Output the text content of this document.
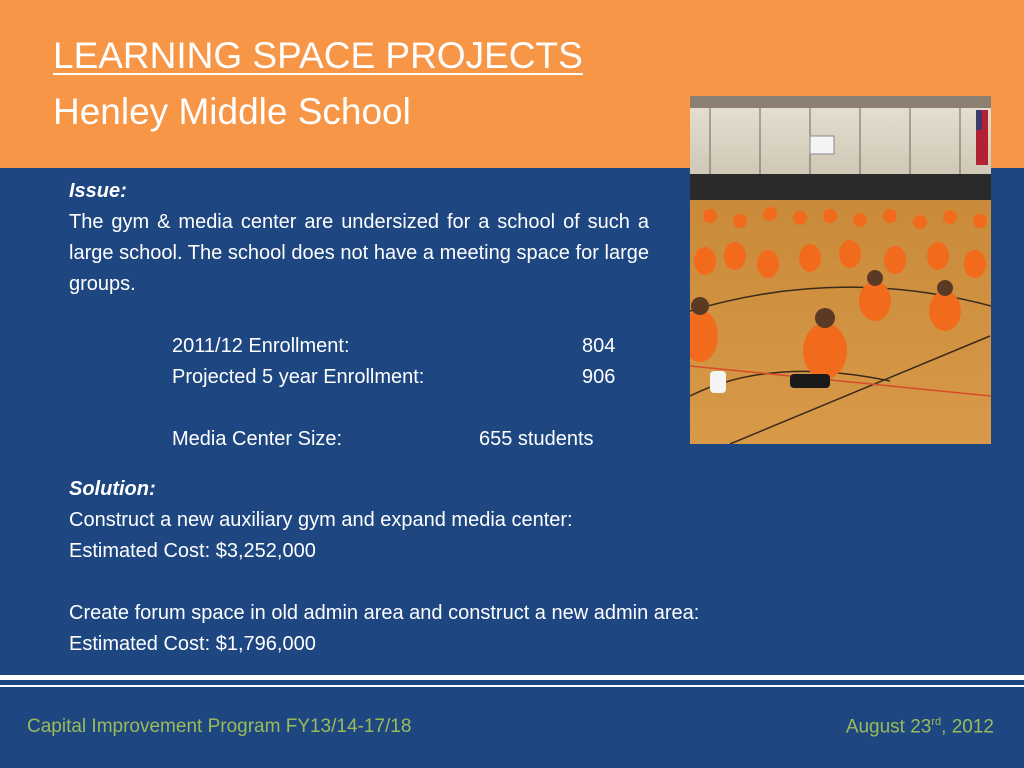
LEARNING SPACE PROJECTS
Henley Middle School
Issue:

The gym & media center are undersized for a school of such a large school. The school does not have a meeting space for large groups.

2011/12 Enrollment:	804
Projected 5 year Enrollment:	906
Media Center Size:	655 students
Solution:

Construct a new auxiliary gym and expand media center:

Estimated Cost: $3,252,000

Create forum space in old admin area and construct a new admin area:

Estimated Cost: $1,796,000

Capital Improvement Program FY13/14-17/18	August 23rd, 2012
